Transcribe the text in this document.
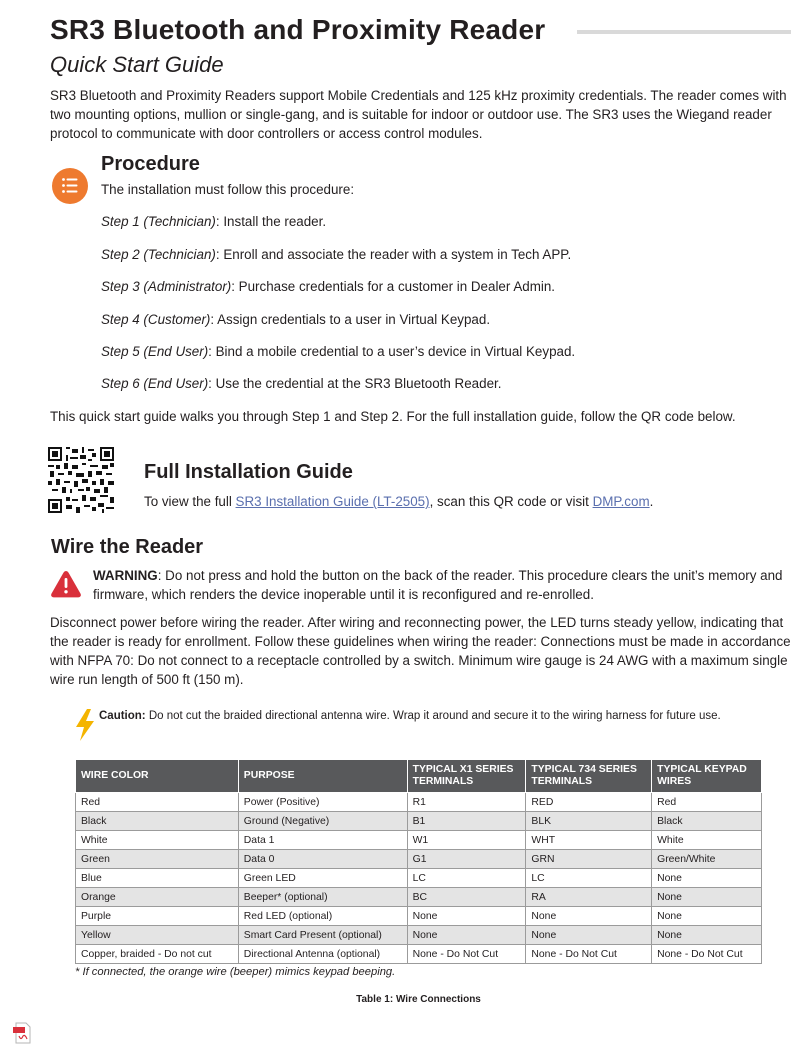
SR3 Bluetooth and Proximity Reader
Quick Start Guide

SR3 Bluetooth and Proximity Readers support Mobile Credentials and 125 kHz proximity credentials. The reader comes with two mounting options, mullion or single-gang, and is suitable for indoor or outdoor use. The SR3 uses the Wiegand reader protocol to communicate with door controllers or access control modules.

Procedure

The installation must follow this procedure:

Step 1 (Technician): Install the reader.

Step 2 (Technician): Enroll and associate the reader with a system in Tech APP.

Step 3 (Administrator): Purchase credentials for a customer in Dealer Admin.

Step 4 (Customer): Assign credentials to a user in Virtual Keypad.

Step 5 (End User): Bind a mobile credential to a user’s device in Virtual Keypad.

Step 6 (End User): Use the credential at the SR3 Bluetooth Reader.

This quick start guide walks you through Step 1 and Step 2. For the full installation guide, follow the QR code below.

Full Installation Guide

To view the full SR3 Installation Guide (LT-2505), scan this QR code or visit DMP.com.

Wire the Reader

WARNING: Do not press and hold the button on the back of the reader. This procedure clears the unit’s memory and firmware, which renders the device inoperable until it is reconfigured and re-enrolled.

Disconnect power before wiring the reader. After wiring and reconnecting power, the LED turns steady yellow, indicating that the reader is ready for enrollment. Follow these guidelines when wiring the reader: Connections must be made in accordance with NFPA 70: Do not connect to a receptacle controlled by a switch. Minimum wire gauge is 24 AWG with a maximum single wire run length of 500 ft (150 m).

Caution: Do not cut the braided directional antenna wire. Wrap it around and secure it to the wiring harness for future use.

WIRE COLOR	PURPOSE	TYPICAL X1 SERIES TERMINALS	TYPICAL 734 SERIES TERMINALS	TYPICAL KEYPAD WIRES
Red	Power (Positive)	R1	RED	Red
Black	Ground (Negative)	B1	BLK	Black
White	Data 1	W1	WHT	White
Green	Data 0	G1	GRN	Green/White
Blue	Green LED	LC	LC	None
Orange	Beeper* (optional)	BC	RA	None
Purple	Red LED (optional)	None	None	None
Yellow	Smart Card Present (optional)	None	None	None
Copper, braided - Do not cut	Directional Antenna (optional)	None - Do Not Cut	None - Do Not Cut	None - Do Not Cut

* If connected, the orange wire (beeper) mimics keypad beeping.

Table 1: Wire Connections
